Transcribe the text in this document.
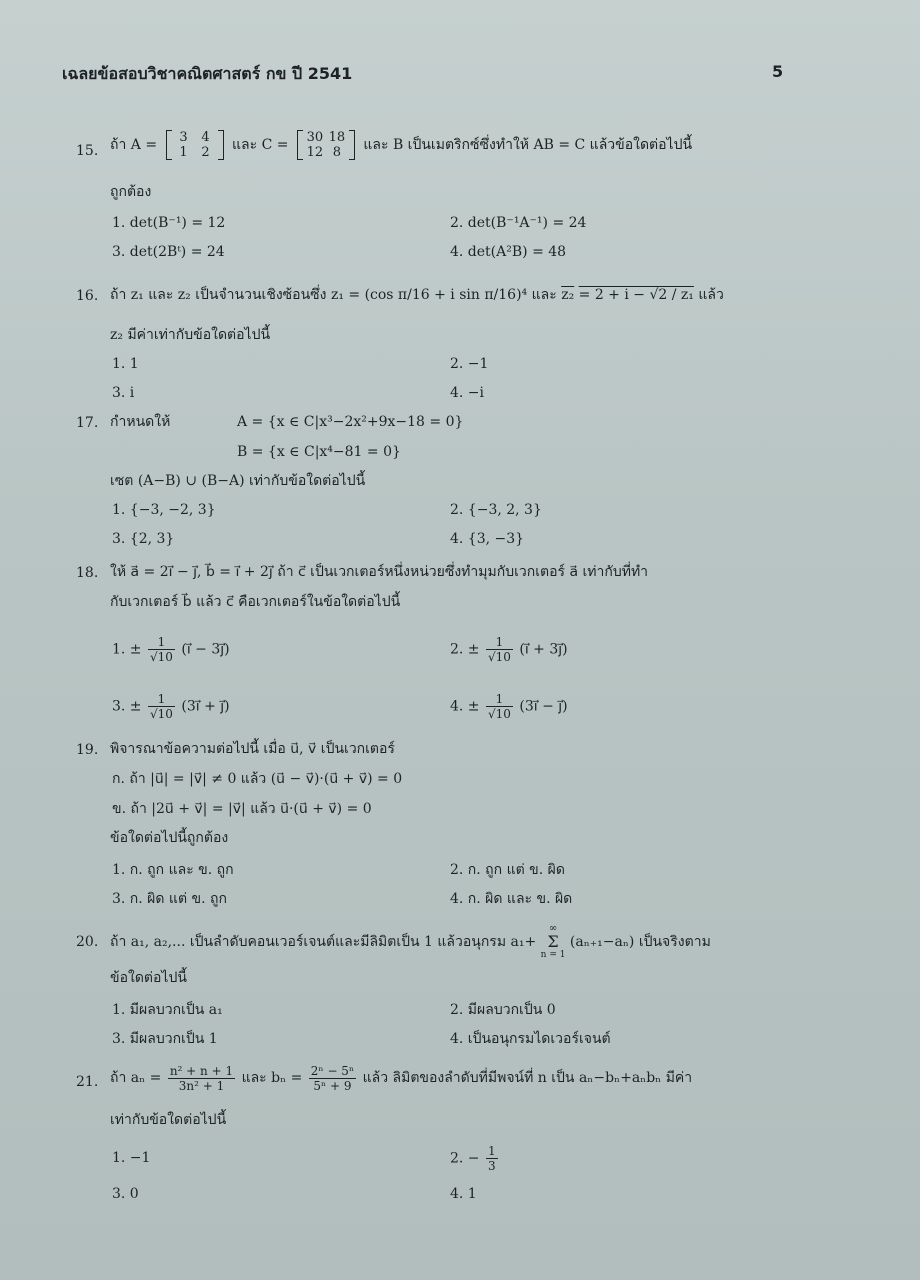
เฉลยข้อสอบวิชาคณิตศาสตร์ กข ปี 2541	5
15. ถ้า A = 3 4
1 2 และ C = 30 18
12 8 และ B เป็นเมตริกซ์ซึ่งทำให้ AB = C แล้วข้อใดต่อไปนี้
ถูกต้อง
1. det(B⁻¹) = 12	2. det(B⁻¹A⁻¹) = 24
3. det(2Bᵗ) = 24	4. det(A²B) = 48
16. ถ้า z₁ และ z₂ เป็นจำนวนเชิงซ้อนซึ่ง z₁ = (cos π/16 + i sin π/16)⁴ และ z₂ = 2 + i − √2 / z₁ แล้ว
z₂ มีค่าเท่ากับข้อใดต่อไปนี้
1. 1	2. −1
3. i	4. −i
17. กำหนดให้	A = {x ∈ C|x³−2x²+9x−18 = 0}
B = {x ∈ C|x⁴−81 = 0}
เซต (A−B) ∪ (B−A) เท่ากับข้อใดต่อไปนี้
1. {−3, −2, 3}	2. {−3, 2, 3}
3. {2, 3}	4. {3, −3}
18. ให้ a⃗ = 2i⃗ − j⃗, b⃗ = i⃗ + 2j⃗ ถ้า c⃗ เป็นเวกเตอร์หนึ่งหน่วยซึ่งทำมุมกับเวกเตอร์ a⃗ เท่ากับที่ทำ
กับเวกเตอร์ b⃗ แล้ว c⃗ คือเวกเตอร์ในข้อใดต่อไปนี้
1. ± $\frac{1}{√10}$ (i⃗ − 3j⃗)	2. ± $\frac{1}{√10}$ (i⃗ + 3j⃗)
3. ± $\frac{1}{√10}$ (3i⃗ + j⃗)	4. ± $\frac{1}{√10}$ (3i⃗ − j⃗)
19. พิจารณาข้อความต่อไปนี้ เมื่อ u⃗, v⃗ เป็นเวกเตอร์
ก. ถ้า |u⃗| = |v⃗| ≠ 0 แล้ว (u⃗ − v⃗)·(u⃗ + v⃗) = 0
ข. ถ้า |2u⃗ + v⃗| = |v⃗| แล้ว u⃗·(u⃗ + v⃗) = 0
ข้อใดต่อไปนี้ถูกต้อง
1. ก. ถูก และ ข. ถูก	2. ก. ถูก แต่ ข. ผิด
3. ก. ผิด แต่ ข. ถูก	4. ก. ผิด และ ข. ผิด
20. ถ้า a₁, a₂,... เป็นลำดับคอนเวอร์เจนต์และมีลิมิตเป็น 1 แล้วอนุกรม a₁+
∞
Σ
n = 1
(aₙ₊₁−aₙ) เป็นจริงตาม
ข้อใดต่อไปนี้
1. มีผลบวกเป็น a₁	2. มีผลบวกเป็น 0
3. มีผลบวกเป็น 1	4. เป็นอนุกรมไดเวอร์เจนต์
21. ถ้า $a_n = \frac{\text{n² + n + 1}}{\text{3n² + 1}}$ และ $b_n = \frac{\text{2ⁿ − 5ⁿ}}{\text{5ⁿ + 9}}$ แล้ว ลิมิตของลำดับที่มีพจน์ที่ n เป็น aₙ−bₙ+aₙbₙ มีค่า
เท่ากับข้อใดต่อไปนี้
1. −1	2. − $\frac{1}{3}$
3. 0	4. 1
